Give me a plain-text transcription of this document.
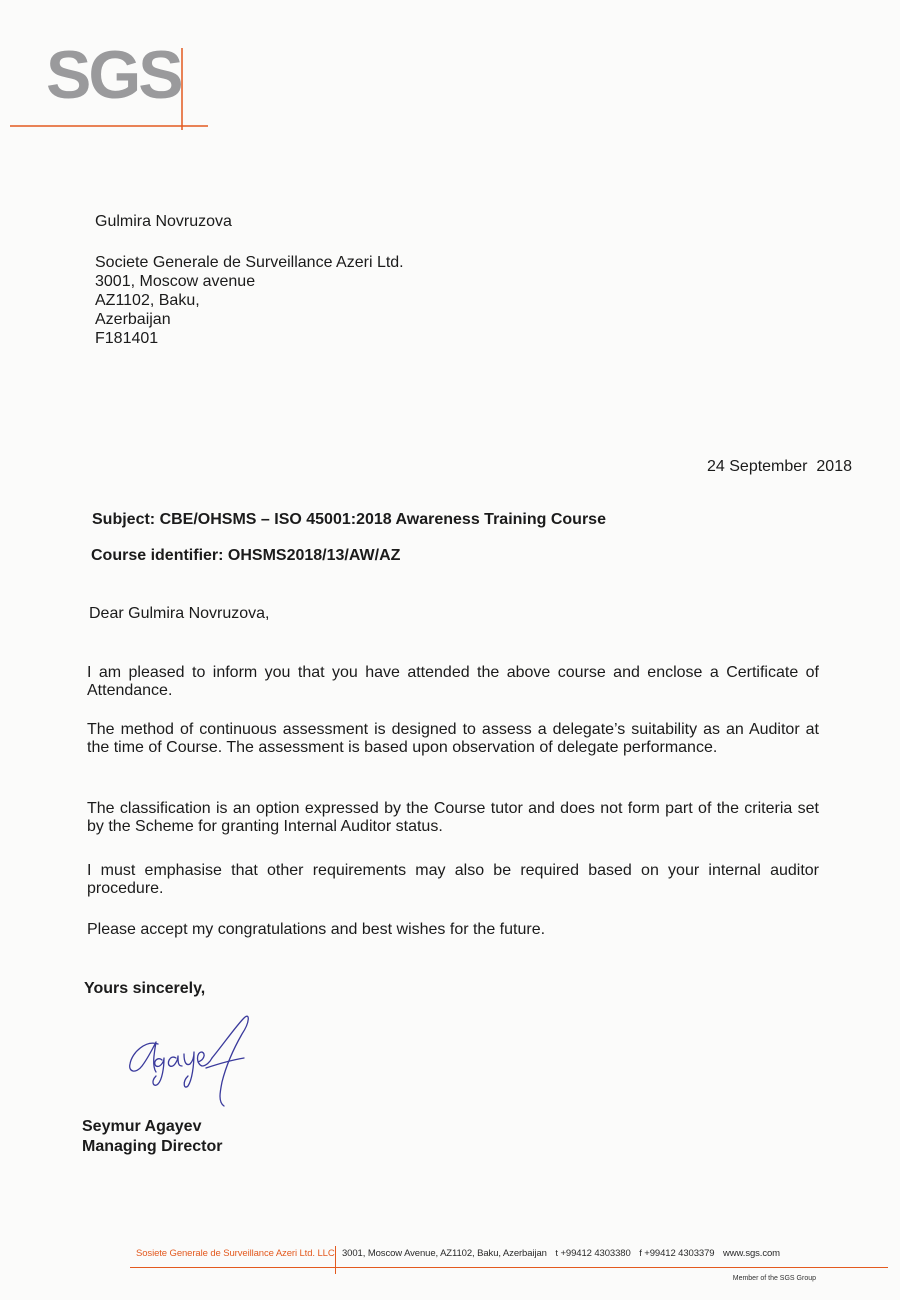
SGS
Gulmira Novruzova
Societe Generale de Surveillance Azeri Ltd.
3001, Moscow avenue
AZ1102, Baku,
Azerbaijan
F181401
24 September  2018
Subject: CBE/OHSMS – ISO 45001:2018 Awareness Training Course
Course identifier: OHSMS2018/13/AW/AZ
Dear Gulmira Novruzova,
I am pleased to inform you that you have attended the above course and enclose a Certificate of Attendance.
The method of continuous assessment is designed to assess a delegate’s suitability as an Auditor at the time of Course. The assessment is based upon observation of delegate performance.
The classification is an option expressed by the Course tutor and does not form part of the criteria set by the Scheme for granting Internal Auditor status.
I must emphasise that other requirements may also be required based on your internal auditor procedure.
Please accept my congratulations and best wishes for the future.
Yours sincerely,
Seymur Agayev
Managing Director
Sosiete Generale de Surveillance Azeri Ltd. LLC 3001, Moscow Avenue, AZ1102, Baku, Azerbaijan t +99412 4303380 f +99412 4303379 www.sgs.com
Member of the SGS Group
